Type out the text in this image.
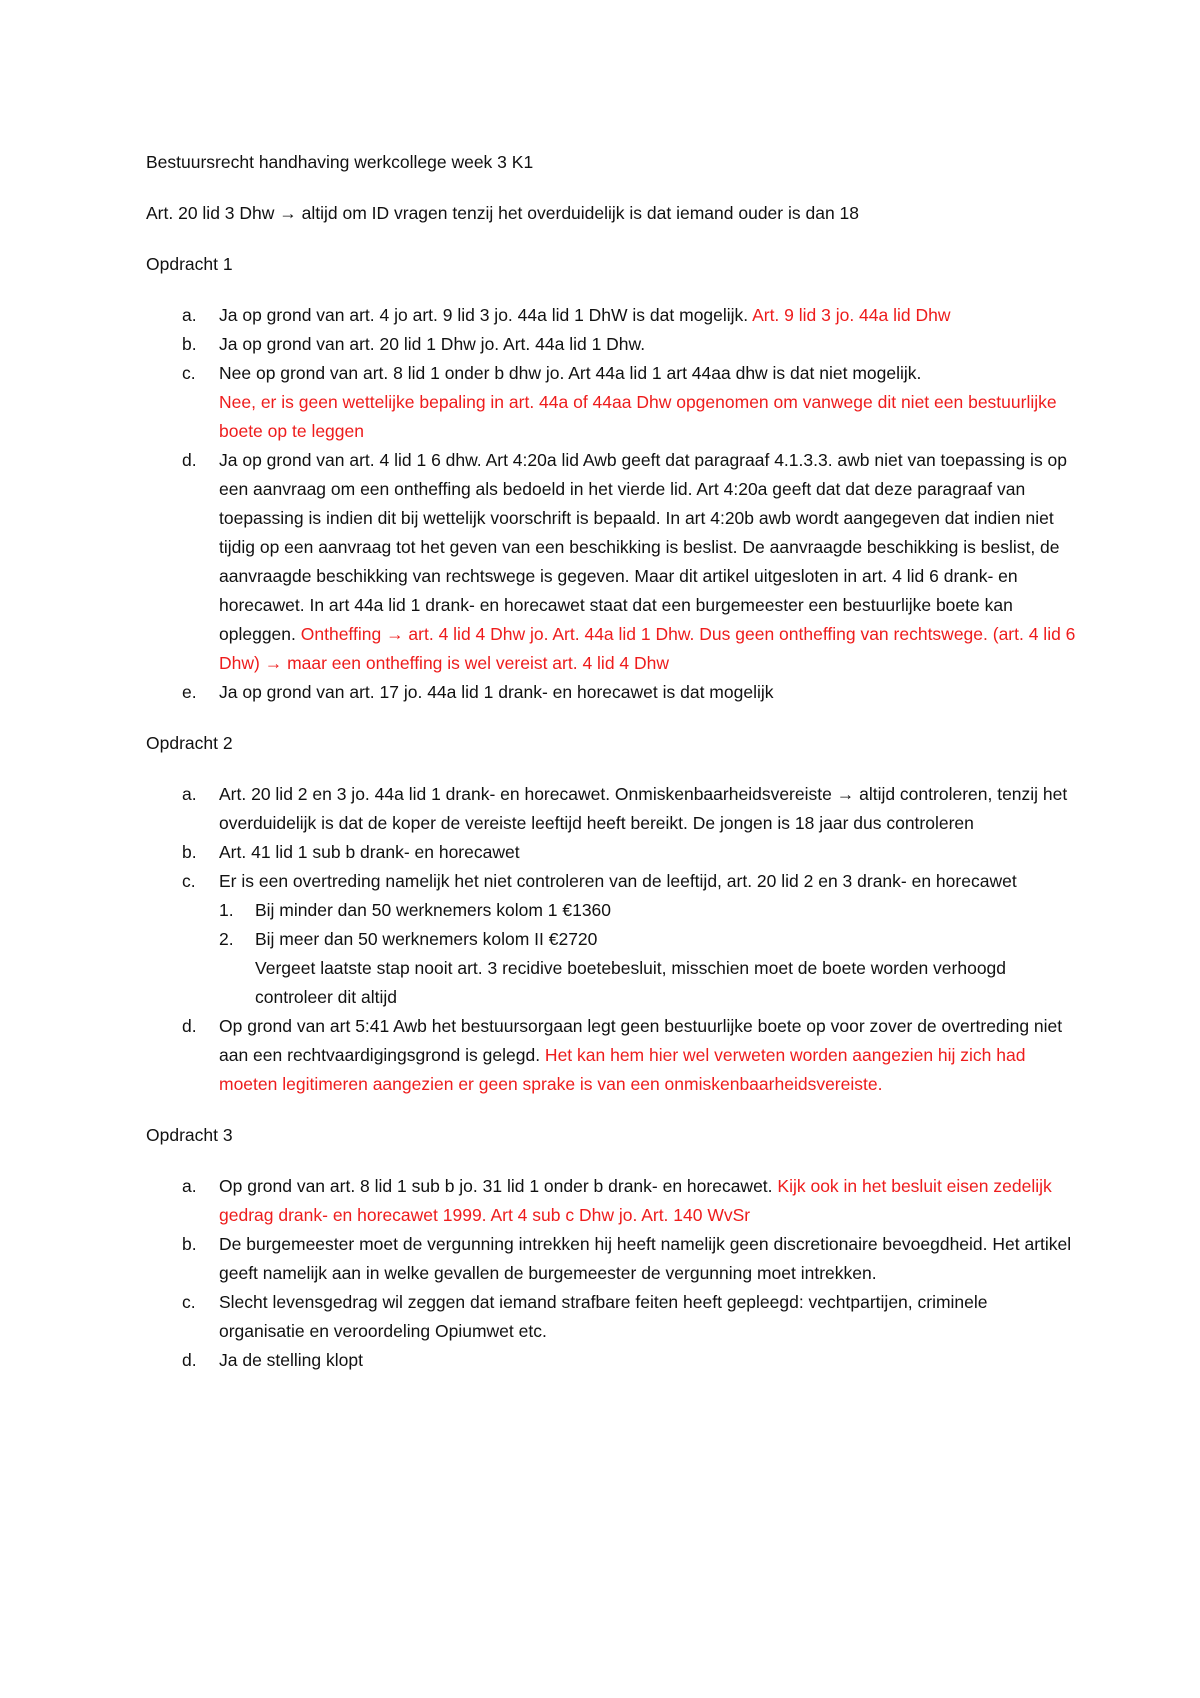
Bestuursrecht handhaving werkcollege week 3 K1

Art. 20 lid 3 Dhw → altijd om ID vragen tenzij het overduidelijk is dat iemand ouder is dan 18

Opdracht 1

a. Ja op grond van art. 4 jo art. 9 lid 3 jo. 44a lid 1 DhW is dat mogelijk. Art. 9 lid 3 jo. 44a lid Dhw
b. Ja op grond van art. 20 lid 1 Dhw jo. Art. 44a lid 1 Dhw.
c. Nee op grond van art. 8 lid 1 onder b dhw jo. Art 44a lid 1 art 44aa dhw is dat niet mogelijk.
Nee, er is geen wettelijke bepaling in art. 44a of 44aa Dhw opgenomen om vanwege dit niet een bestuurlijke boete op te leggen
d. Ja op grond van art. 4 lid 1 6 dhw. Art 4:20a lid Awb geeft dat paragraaf 4.1.3.3. awb niet van toepassing is op een aanvraag om een ontheffing als bedoeld in het vierde lid. Art 4:20a geeft dat dat deze paragraaf van toepassing is indien dit bij wettelijk voorschrift is bepaald. In art 4:20b awb wordt aangegeven dat indien niet tijdig op een aanvraag tot het geven van een beschikking is beslist. De aanvraagde beschikking is beslist, de aanvraagde beschikking van rechtswege is gegeven. Maar dit artikel uitgesloten in art. 4 lid 6 drank- en horecawet. In art 44a lid 1 drank- en horecawet staat dat een burgemeester een bestuurlijke boete kan opleggen. Ontheffing → art. 4 lid 4 Dhw jo. Art. 44a lid 1 Dhw. Dus geen ontheffing van rechtswege. (art. 4 lid 6 Dhw) → maar een ontheffing is wel vereist art. 4 lid 4 Dhw
e. Ja op grond van art. 17 jo. 44a lid 1 drank- en horecawet is dat mogelijk

Opdracht 2

a. Art. 20 lid 2 en 3 jo. 44a lid 1 drank- en horecawet. Onmiskenbaarheidsvereiste → altijd controleren, tenzij het overduidelijk is dat de koper de vereiste leeftijd heeft bereikt. De jongen is 18 jaar dus controleren
b. Art. 41 lid 1 sub b drank- en horecawet
c. Er is een overtreding namelijk het niet controleren van de leeftijd, art. 20 lid 2 en 3 drank- en horecawet
1. Bij minder dan 50 werknemers kolom 1 €1360
2. Bij meer dan 50 werknemers kolom II €2720
Vergeet laatste stap nooit art. 3 recidive boetebesluit, misschien moet de boete worden verhoogd controleer dit altijd
d. Op grond van art 5:41 Awb het bestuursorgaan legt geen bestuurlijke boete op voor zover de overtreding niet aan een rechtvaardigingsgrond is gelegd. Het kan hem hier wel verweten worden aangezien hij zich had moeten legitimeren aangezien er geen sprake is van een onmiskenbaarheidsvereiste.

Opdracht 3

a. Op grond van art. 8 lid 1 sub b jo. 31 lid 1 onder b drank- en horecawet. Kijk ook in het besluit eisen zedelijk gedrag drank- en horecawet 1999. Art 4 sub c Dhw jo. Art. 140 WvSr
b. De burgemeester moet de vergunning intrekken hij heeft namelijk geen discretionaire bevoegdheid. Het artikel geeft namelijk aan in welke gevallen de burgemeester de vergunning moet intrekken.
c. Slecht levensgedrag wil zeggen dat iemand strafbare feiten heeft gepleegd: vechtpartijen, criminele organisatie en veroordeling Opiumwet etc.
d. Ja de stelling klopt
